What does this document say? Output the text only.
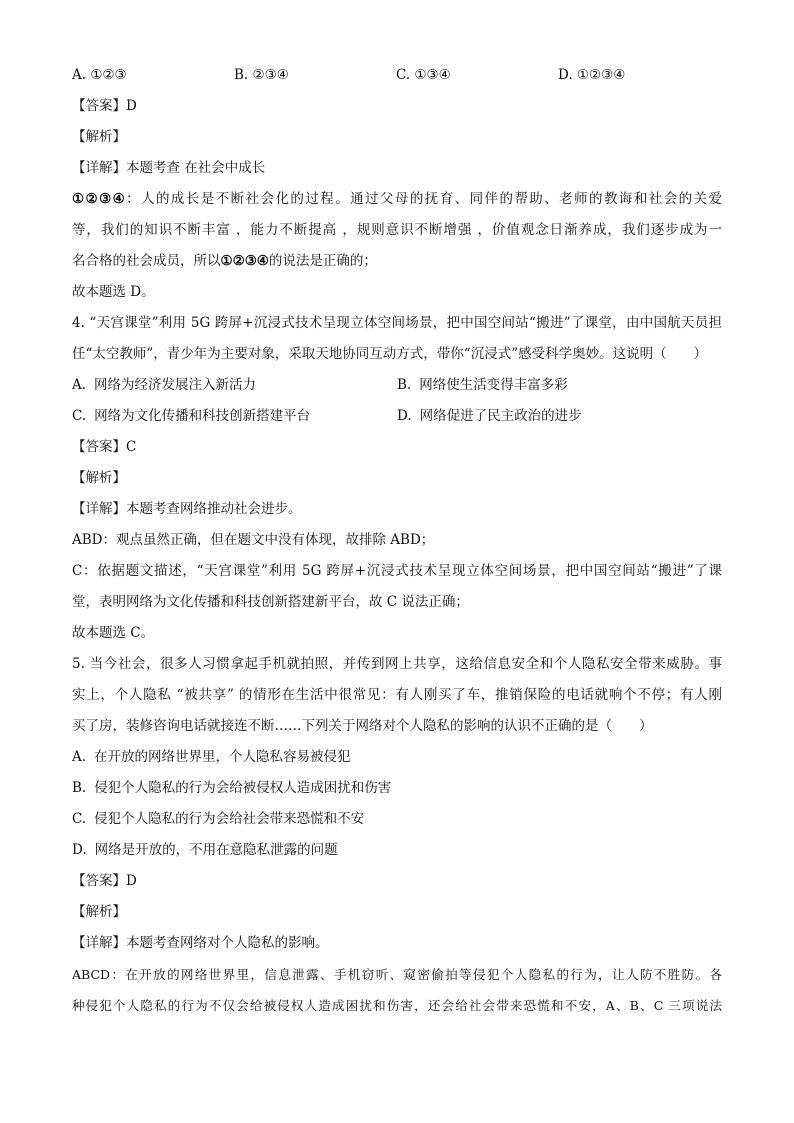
A. ①②③	B. ②③④	C. ①③④	D. ①②③④
【答案】D
【解析】
【详解】本题考查 在社会中成长
①②③④：人的成长是不断社会化的过程。通过父母的抚育、同伴的帮助、老师的教诲和社会的关爱
等，我们的知识不断丰富 ，能力不断提高 ，规则意识不断增强 ，价值观念日渐养成，我们逐步成为一
名合格的社会成员，所以①②③④的说法是正确的；
故本题选 D。
4. “天宫课堂”利用 5G 跨屏+沉浸式技术呈现立体空间场景，把中国空间站“搬进”了课堂，由中国航天员担
任“太空教师”，青少年为主要对象，采取天地协同互动方式，带你“沉浸式”感受科学奥妙。这说明（　　）
A. 网络为经济发展注入新活力	B. 网络使生活变得丰富多彩
C. 网络为文化传播和科技创新搭建平台	D. 网络促进了民主政治的进步
【答案】C
【解析】
【详解】本题考查网络推动社会进步。
ABD：观点虽然正确，但在题文中没有体现，故排除 ABD；
C：依据题文描述，“天宫课堂”利用 5G 跨屏+沉浸式技术呈现立体空间场景，把中国空间站“搬进”了课
堂，表明网络为文化传播和科技创新搭建新平台，故 C 说法正确；
故本题选 C。
5. 当今社会，很多人习惯拿起手机就拍照，并传到网上共享，这给信息安全和个人隐私安全带来威胁。事
实上，个人隐私 “被共享” 的情形在生活中很常见：有人刚买了车，推销保险的电话就响个不停；有人刚
买了房，装修咨询电话就接连不断……下列关于网络对个人隐私的影响的认识不正确的是（　　）
A. 在开放的网络世界里，个人隐私容易被侵犯
B. 侵犯个人隐私的行为会给被侵权人造成困扰和伤害
C. 侵犯个人隐私的行为会给社会带来恐慌和不安
D. 网络是开放的，不用在意隐私泄露的问题
【答案】D
【解析】
【详解】本题考查网络对个人隐私的影响。
ABCD：在开放的网络世界里，信息泄露、手机窃听、窥密偷拍等侵犯个人隐私的行为，让人防不胜防。各
种侵犯个人隐私的行为不仅会给被侵权人造成困扰和伤害，还会给社会带来恐慌和不安，A、B、C 三项说法
